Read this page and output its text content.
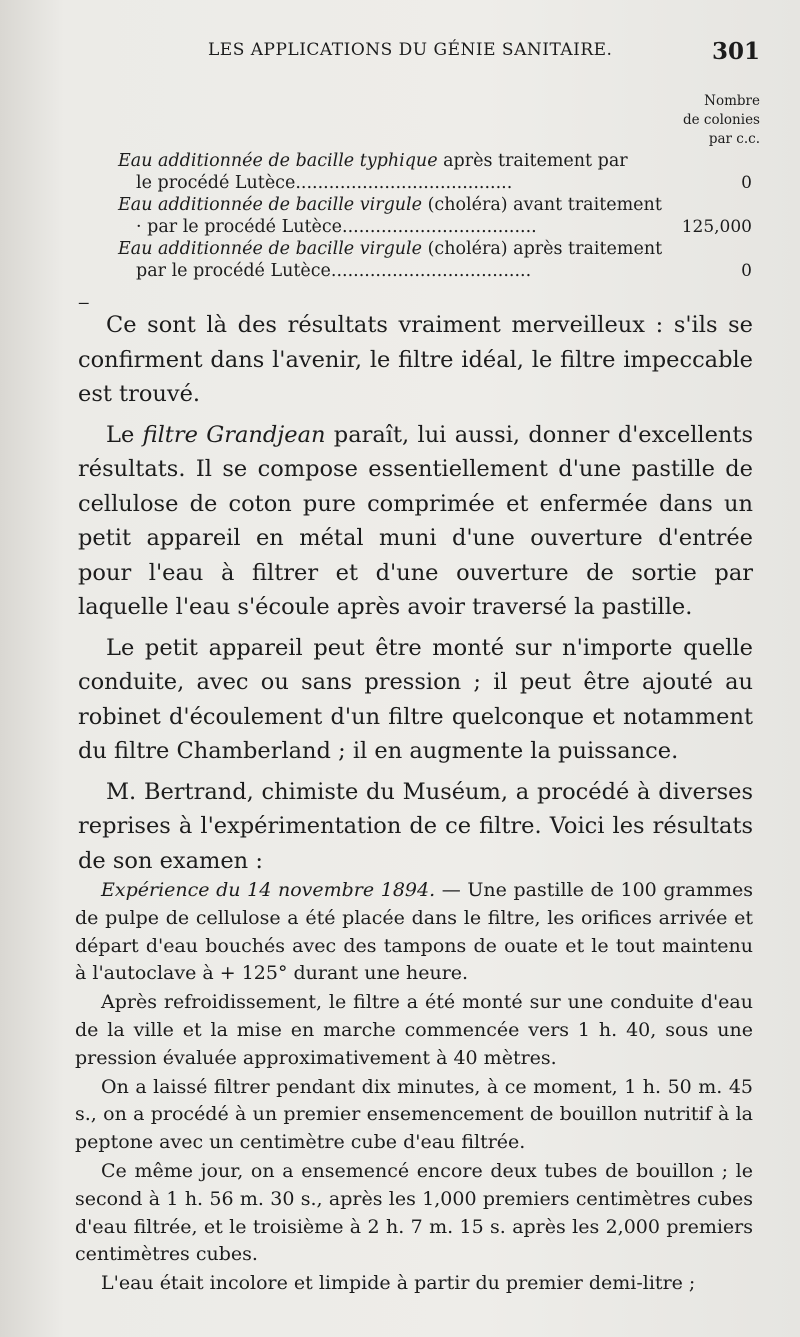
LES APPLICATIONS DU GÉNIE SANITAIRE.	301
Nombre
de colonies
par c.c.
Eau additionnée de bacille typhique après traitement par
le procédé Lutèce.......................................	0
Eau additionnée de bacille virgule (choléra) avant traitement
· par le procédé Lutèce...................................	125,000
Eau additionnée de bacille virgule (choléra) après traitement
par le procédé Lutèce....................................	0
‒

Ce sont là des résultats vraiment merveilleux : s'ils se confirment dans l'avenir, le filtre idéal, le filtre impeccable est trouvé.

Le filtre Grandjean paraît, lui aussi, donner d'excellents résultats. Il se compose essentiellement d'une pastille de cellulose de coton pure comprimée et enfermée dans un petit appareil en métal muni d'une ouverture d'entrée pour l'eau à filtrer et d'une ouverture de sortie par laquelle l'eau s'écoule après avoir traversé la pastille.

Le petit appareil peut être monté sur n'importe quelle conduite, avec ou sans pression ; il peut être ajouté au robinet d'écoulement d'un filtre quelconque et notamment du filtre Chamberland ; il en augmente la puissance.

M. Bertrand, chimiste du Muséum, a procédé à diverses reprises à l'expérimentation de ce filtre. Voici les résultats de son examen :

Expérience du 14 novembre 1894. — Une pastille de 100 grammes de pulpe de cellulose a été placée dans le filtre, les orifices arrivée et départ d'eau bouchés avec des tampons de ouate et le tout maintenu à l'autoclave à + 125° durant une heure.

Après refroidissement, le filtre a été monté sur une conduite d'eau de la ville et la mise en marche commencée vers 1 h. 40, sous une pression évaluée approximativement à 40 mètres.

On a laissé filtrer pendant dix minutes, à ce moment, 1 h. 50 m. 45 s., on a procédé à un premier ensemencement de bouillon nutritif à la peptone avec un centimètre cube d'eau filtrée.

Ce même jour, on a ensemencé encore deux tubes de bouillon ; le second à 1 h. 56 m. 30 s., après les 1,000 premiers centimètres cubes d'eau filtrée, et le troisième à 2 h. 7 m. 15 s. après les 2,000 premiers centimètres cubes.

L'eau était incolore et limpide à partir du premier demi-litre ;
